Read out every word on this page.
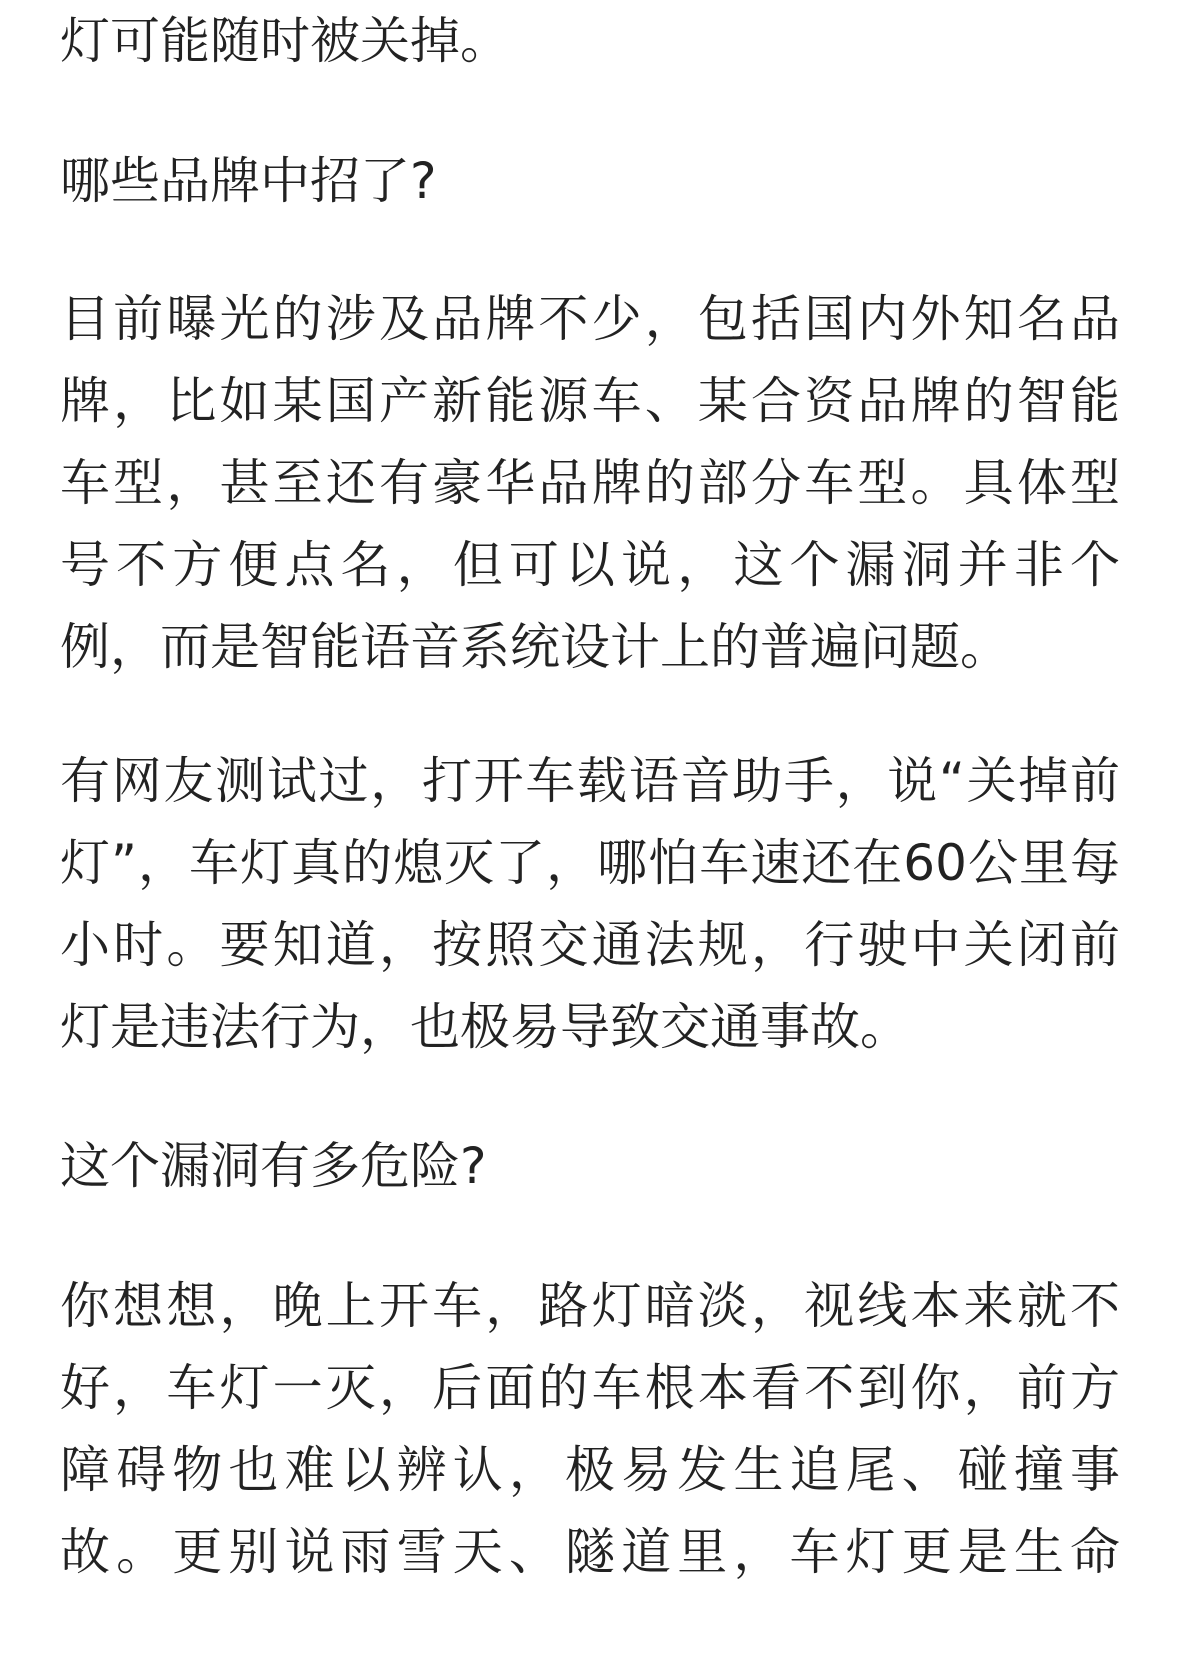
灯可能随时被关掉。
哪些品牌中招了?
目前曝光的涉及品牌不少，包括国内外知名品
牌，比如某国产新能源车、某合资品牌的智能
车型，甚至还有豪华品牌的部分车型。具体型
号不方便点名，但可以说，这个漏洞并非个
例，而是智能语音系统设计上的普遍问题。
有网友测试过，打开车载语音助手，说“关掉前
灯”，车灯真的熄灭了，哪怕车速还在60公里每
小时。要知道，按照交通法规，行驶中关闭前
灯是违法行为，也极易导致交通事故。
这个漏洞有多危险?
你想想，晚上开车，路灯暗淡，视线本来就不
好，车灯一灭，后面的车根本看不到你，前方
障碍物也难以辨认，极易发生追尾、碰撞事
故。更别说雨雪天、隧道里，车灯更是生命
